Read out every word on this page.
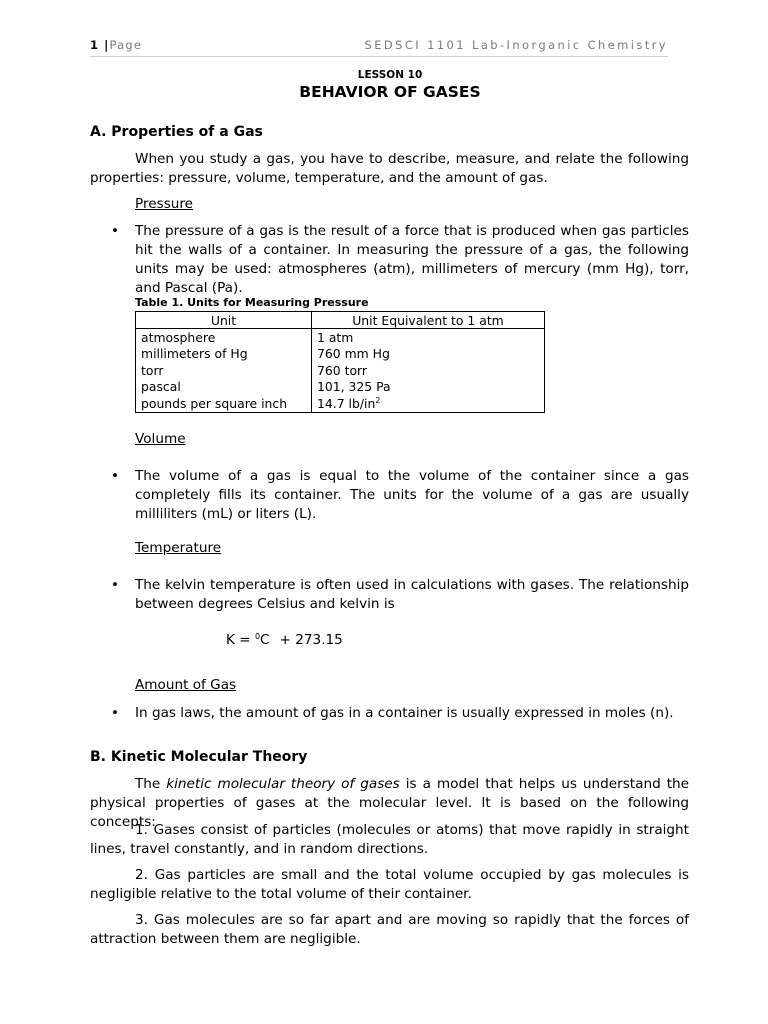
1 |Page	SEDSCI 1101 Lab-Inorganic Chemistry
LESSON 10
BEHAVIOR OF GASES
A. Properties of a Gas

When you study a gas, you have to describe, measure, and relate the following properties: pressure, volume, temperature, and the amount of gas.

Pressure
• The pressure of a gas is the result of a force that is produced when gas particles hit the walls of a container. In measuring the pressure of a gas, the following units may be used: atmospheres (atm), millimeters of mercury (mm Hg), torr, and Pascal (Pa).
Table 1. Units for Measuring Pressure
Unit	Unit Equivalent to 1 atm
atmosphere	1 atm
millimeters of Hg	760 mm Hg
torr	760 torr
pascal	101, 325 Pa
pounds per square inch	14.7 $lb/in^2$
Volume
• The volume of a gas is equal to the volume of the container since a gas completely fills its container. The units for the volume of a gas are usually milliliters (mL) or liters (L).
Temperature
• The kelvin temperature is often used in calculations with gases. The relationship between degrees Celsius and kelvin is
K = $^0$C + 273.15
Amount of Gas
• In gas laws, the amount of gas in a container is usually expressed in moles (n).
B. Kinetic Molecular Theory

The kinetic molecular theory of gases is a model that helps us understand the physical properties of gases at the molecular level. It is based on the following concepts:

1. Gases consist of particles (molecules or atoms) that move rapidly in straight lines, travel constantly, and in random directions.

2. Gas particles are small and the total volume occupied by gas molecules is negligible relative to the total volume of their container.

3. Gas molecules are so far apart and are moving so rapidly that the forces of attraction between them are negligible.
